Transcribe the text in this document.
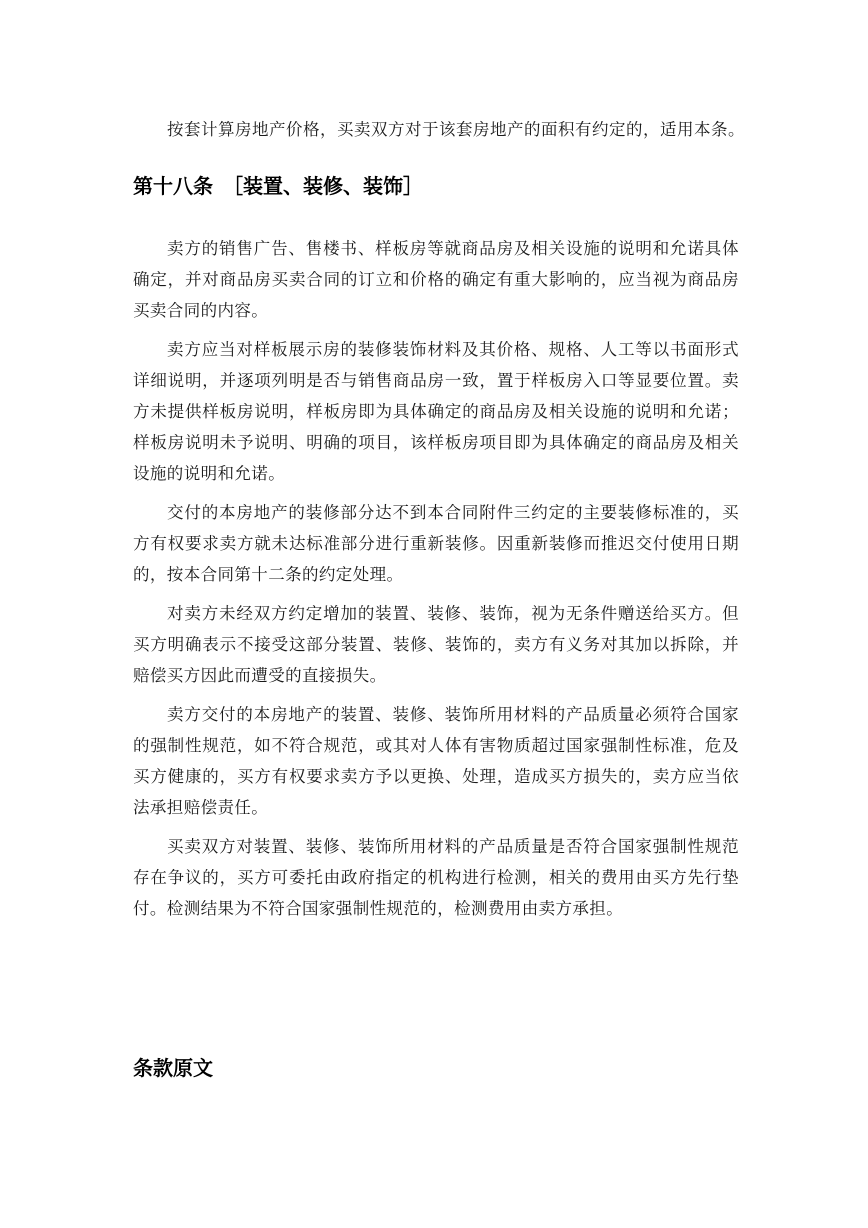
按套计算房地产价格，买卖双方对于该套房地产的面积有约定的，适用本条。

第十八条　［装置、装修、装饰］

卖方的销售广告、售楼书、样板房等就商品房及相关设施的说明和允诺具体确定，并对商品房买卖合同的订立和价格的确定有重大影响的，应当视为商品房买卖合同的内容。

卖方应当对样板展示房的装修装饰材料及其价格、规格、人工等以书面形式详细说明，并逐项列明是否与销售商品房一致，置于样板房入口等显要位置。卖方未提供样板房说明，样板房即为具体确定的商品房及相关设施的说明和允诺；样板房说明未予说明、明确的项目，该样板房项目即为具体确定的商品房及相关设施的说明和允诺。

交付的本房地产的装修部分达不到本合同附件三约定的主要装修标准的，买方有权要求卖方就未达标准部分进行重新装修。因重新装修而推迟交付使用日期的，按本合同第十二条的约定处理。

对卖方未经双方约定增加的装置、装修、装饰，视为无条件赠送给买方。但买方明确表示不接受这部分装置、装修、装饰的，卖方有义务对其加以拆除，并赔偿买方因此而遭受的直接损失。

卖方交付的本房地产的装置、装修、装饰所用材料的产品质量必须符合国家的强制性规范，如不符合规范，或其对人体有害物质超过国家强制性标准，危及买方健康的，买方有权要求卖方予以更换、处理，造成买方损失的，卖方应当依法承担赔偿责任。

买卖双方对装置、装修、装饰所用材料的产品质量是否符合国家强制性规范存在争议的，买方可委托由政府指定的机构进行检测，相关的费用由买方先行垫付。检测结果为不符合国家强制性规范的，检测费用由卖方承担。

条款原文
